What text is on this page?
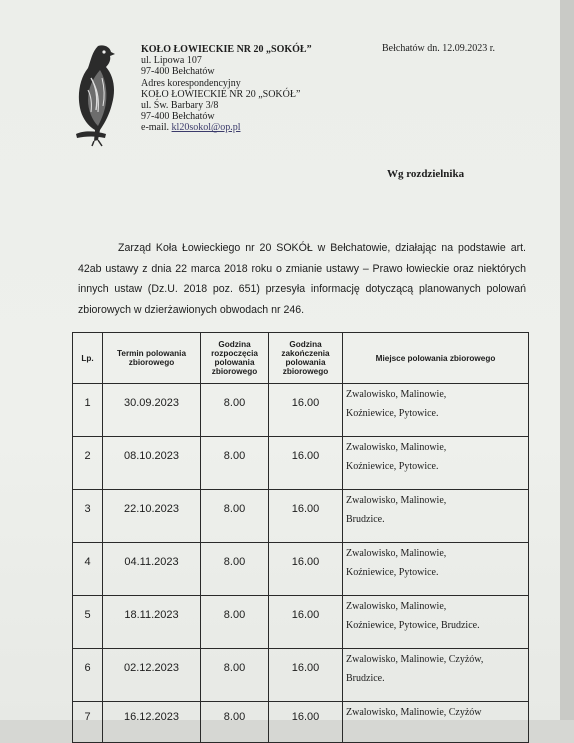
KOŁO ŁOWIECKIE NR 20 „SOKÓŁ”
ul. Lipowa 107
97-400 Bełchatów
Adres korespondencyjny
KOŁO ŁOWIECKIE NR 20 „SOKÓŁ”
ul. Św. Barbary 3/8
97-400 Bełchatów
e-mail. kl20sokol@op.pl
Bełchatów dn. 12.09.2023 r.
Wg rozdzielnika

Zarząd Koła Łowieckiego nr 20 SOKÓŁ w Bełchatowie, działając na podstawie art. 42ab ustawy z dnia 22 marca 2018 roku o zmianie ustawy – Prawo łowieckie oraz niektórych innych ustaw (Dz.U. 2018 poz. 651) przesyła informację dotyczącą planowanych polowań zbiorowych w dzierżawionych obwodach nr 246.

Lp.	Termin polowania zbiorowego	Godzina rozpoczęcia polowania zbiorowego	Godzina zakończenia polowania zbiorowego	Miejsce polowania zbiorowego
1	30.09.2023	8.00	16.00	Zwalowisko, Malinowie,
Koźniewice, Pytowice.

2	08.10.2023	8.00	16.00	Zwalowisko, Malinowie,
Koźniewice, Pytowice.

3	22.10.2023	8.00	16.00	Zwalowisko, Malinowie,
Brudzice.

4	04.11.2023	8.00	16.00	Zwalowisko, Malinowie,
Koźniewice, Pytowice.

5	18.11.2023	8.00	16.00	Zwalowisko, Malinowie,
Koźniewice, Pytowice, Brudzice.

6	02.12.2023	8.00	16.00	Zwalowisko, Malinowie, Czyżów,
Brudzice.

7	16.12.2023	8.00	16.00	Zwalowisko, Malinowie, Czyżów
